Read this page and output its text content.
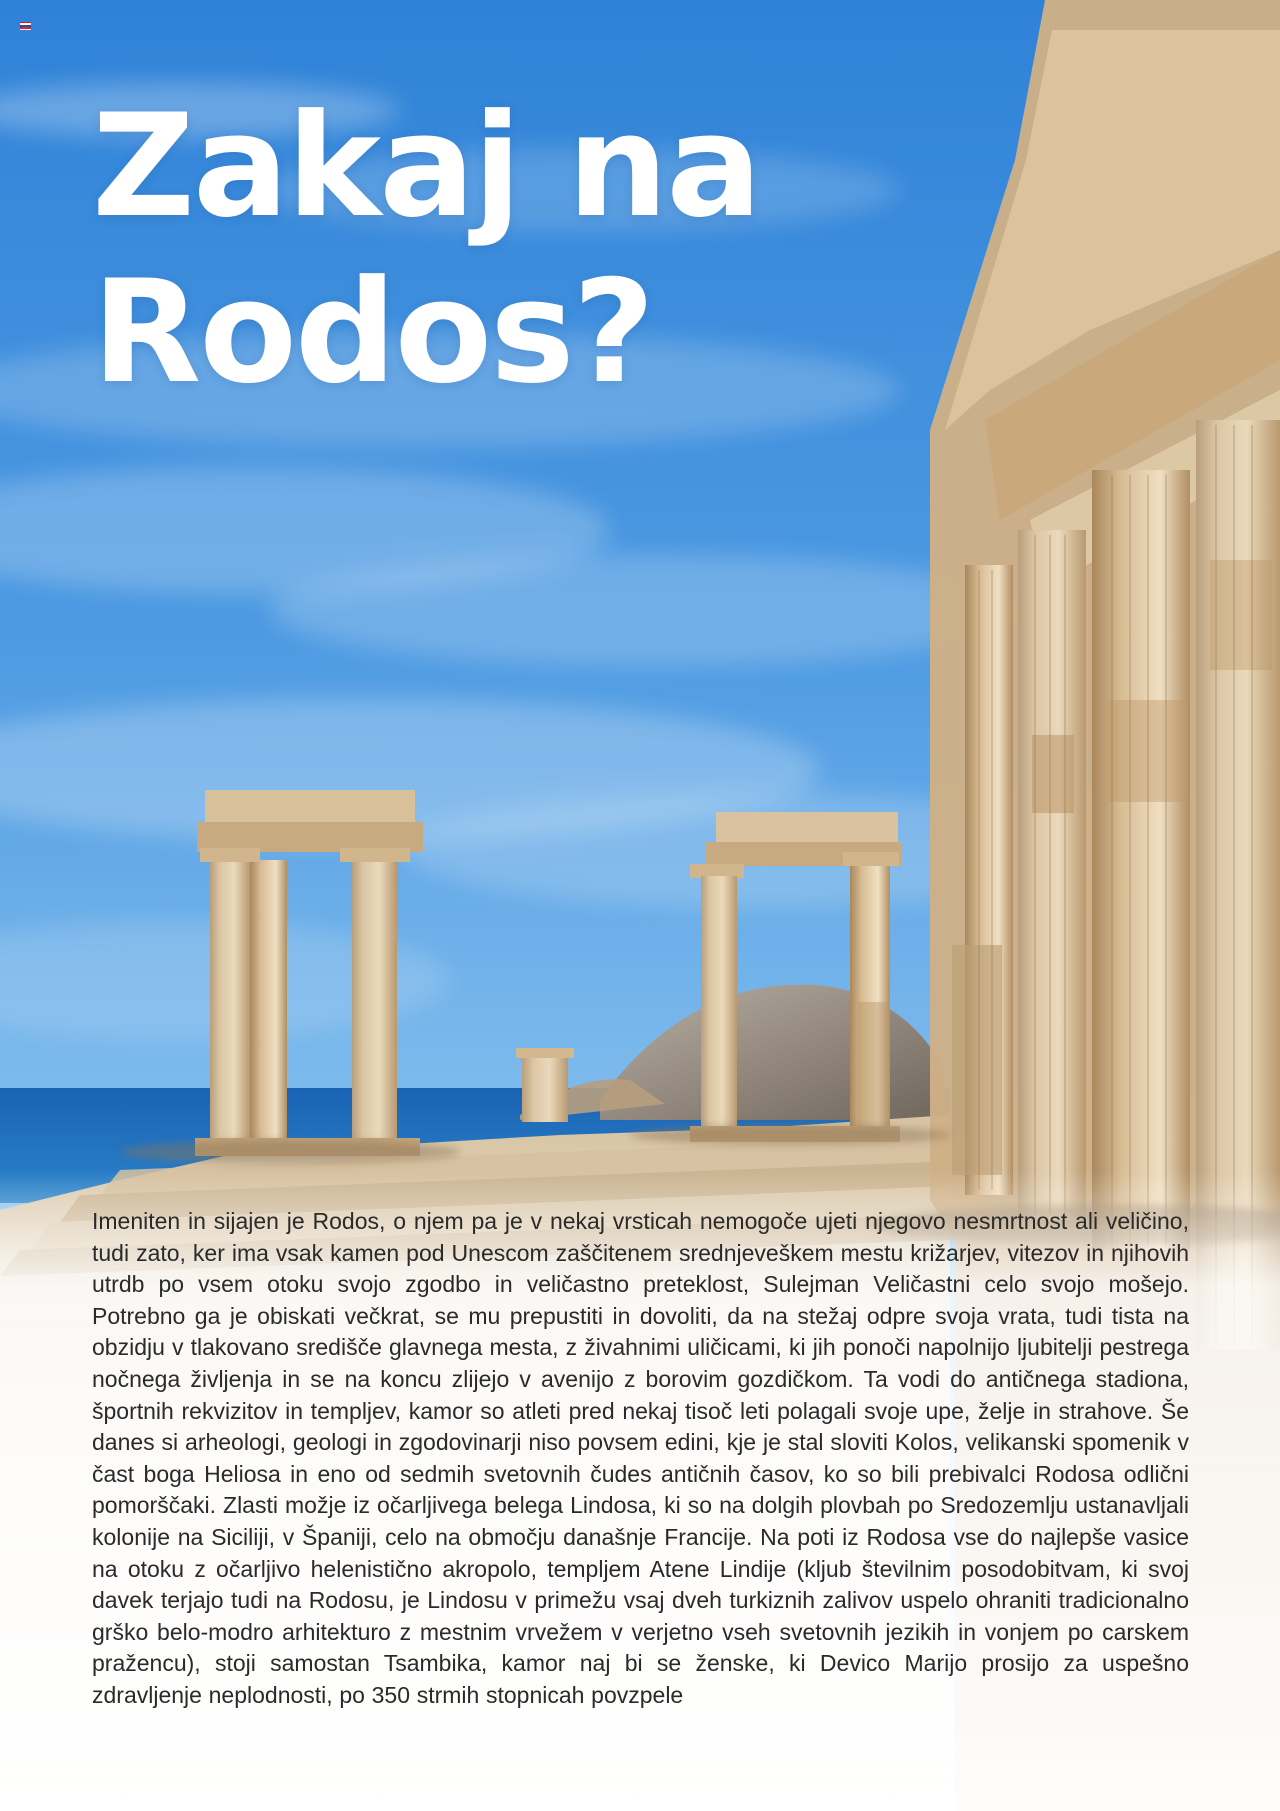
Zakaj na
Rodos?

Imeniten in sijajen je Rodos, o njem pa je v nekaj vrsticah nemogoče ujeti njegovo nesmrtnost ali veličino, tudi zato, ker ima vsak kamen pod Unescom zaščitenem srednjeveškem mestu križarjev, vitezov in njihovih utrdb po vsem otoku svojo zgodbo in veličastno preteklost, Sulejman Veličastni celo svojo mošejo. Potrebno ga je obiskati večkrat, se mu prepustiti in dovoliti, da na stežaj odpre svoja vrata, tudi tista na obzidju v tlakovano središče glavnega mesta, z živahnimi uličicami, ki jih ponoči napolnijo ljubitelji pestrega nočnega življenja in se na koncu zlijejo v avenijo z borovim gozdičkom. Ta vodi do antičnega stadiona, športnih rekvizitov in templjev, kamor so atleti pred nekaj tisoč leti polagali svoje upe, želje in strahove. Še danes si arheologi, geologi in zgodovinarji niso povsem edini, kje je stal sloviti Kolos, velikanski spomenik v čast boga Heliosa in eno od sedmih svetovnih čudes antičnih časov, ko so bili prebivalci Rodosa odlični pomorščaki. Zlasti možje iz očarljivega belega Lindosa, ki so na dolgih plovbah po Sredozemlju ustanavljali kolonije na Siciliji, v Španiji, celo na območju današnje Francije. Na poti iz Rodosa vse do najlepše vasice na otoku z očarljivo helenistično akropolo, templjem Atene Lindije (kljub številnim posodobitvam, ki svoj davek terjajo tudi na Rodosu, je Lindosu v primežu vsaj dveh turkiznih zalivov uspelo ohraniti tradicionalno grško belo-modro arhitekturo z mestnim vrvežem v verjetno vseh svetovnih jezikih in vonjem po carskem pražencu), stoji samostan Tsambika, kamor naj bi se ženske, ki Devico Marijo prosijo za uspešno zdravljenje neplodnosti, po 350 strmih stopnicah povzpele
